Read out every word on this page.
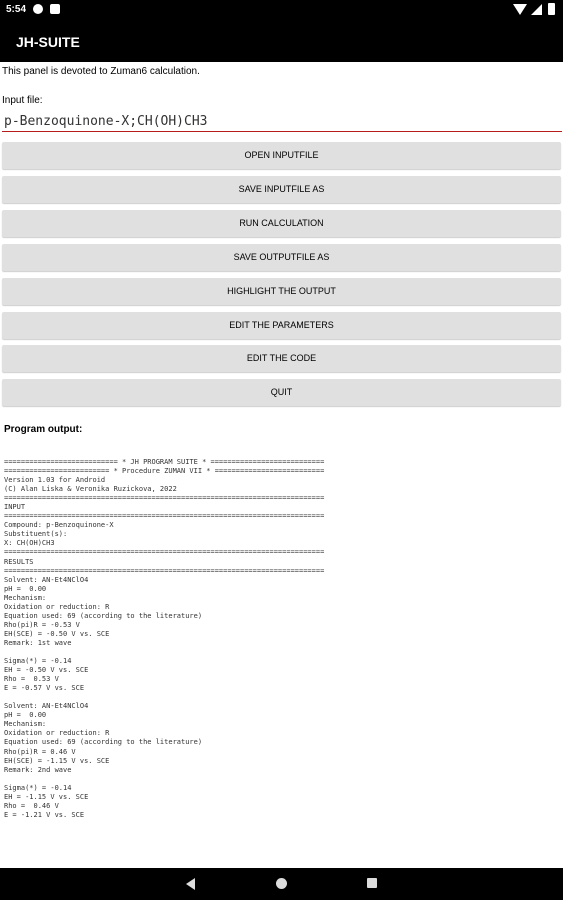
5:54
JH-SUITE
This panel is devoted to Zuman6 calculation.
Input file:
p-Benzoquinone-X;CH(OH)CH3
OPEN INPUTFILE
SAVE INPUTFILE AS
RUN CALCULATION
SAVE OUTPUTFILE AS
HIGHLIGHT THE OUTPUT
EDIT THE PARAMETERS
EDIT THE CODE
QUIT
Program output:
=========================== * JH PROGRAM SUITE * ===========================
========================= * Procedure ZUMAN VII * ==========================
Version 1.03 for Android
(C) Alan Liska & Veronika Ruzickova, 2022
============================================================================
INPUT
============================================================================
Compound: p-Benzoquinone-X
Substituent(s):
X: CH(OH)CH3
============================================================================
RESULTS
============================================================================
Solvent: AN-Et4NClO4
pH =  0.00
Mechanism:
Oxidation or reduction: R
Equation used: 69 (according to the literature)
Rho(pi)R = -0.53 V
EH(SCE) = -0.50 V vs. SCE
Remark: 1st wave
Sigma(*) = -0.14
EH = -0.50 V vs. SCE
Rho =  0.53 V
E = -0.57 V vs. SCE
Solvent: AN-Et4NClO4
pH =  0.00
Mechanism:
Oxidation or reduction: R
Equation used: 69 (according to the literature)
Rho(pi)R = 0.46 V
EH(SCE) = -1.15 V vs. SCE
Remark: 2nd wave
Sigma(*) = -0.14
EH = -1.15 V vs. SCE
Rho =  0.46 V
E = -1.21 V vs. SCE
